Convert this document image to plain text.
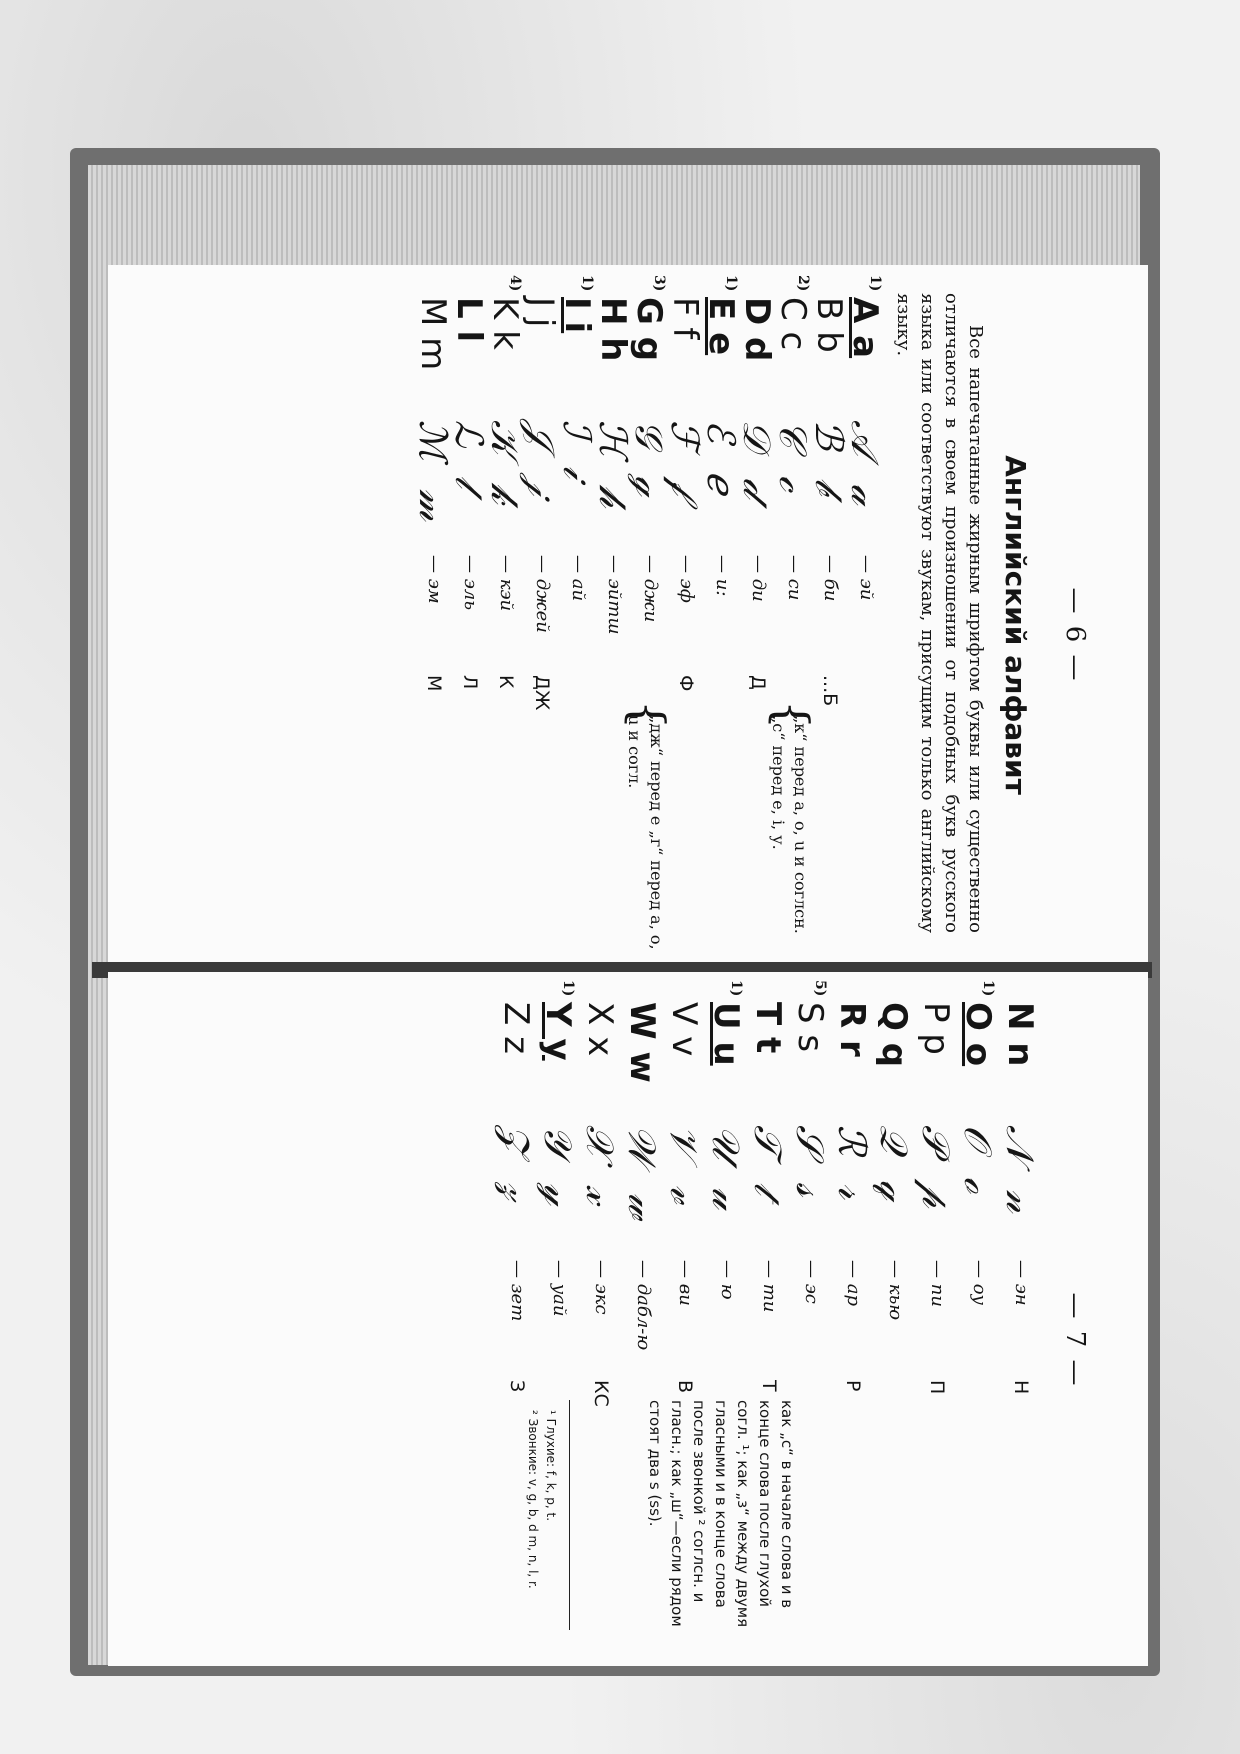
— 6 —
Английский алфавит
Все напечатанные жирным шрифтом буквы или существенно отличаются в своем произношении от подобных букв русского языка или соответствуют звукам, присущим только английскому языку.
1)
A a
𝒜 𝒶
— эй
B b
ℬ 𝒷
— би
...Б
2)
C c
𝒞 𝒸
— си
{
„к“ перед а, о, u и соглсн. „с“ перед е, i, у.
D d
𝒟 𝒹
— ди
Д
1)
E e
ℰ ℯ
— и:
F f
ℱ 𝒻
— эф
Ф
3)
G g
𝒢 ℊ
— джи
{
„дж“ перед е „г“ перед а, о, u и согл.
H h
ℋ 𝒽
— эйтш
1)
I i
ℐ 𝒾
— ай
J j
𝒥 𝒿
— джей
ДЖ
4)
K k
𝒦 𝓀
— кэй
К
L l
ℒ 𝓁
— эль
Л
M m
ℳ 𝓂
— эм
М
— 7 —
N n
𝒩 𝓃
— эн
Н
1)
O o
𝒪 ℴ
— оу
P p
𝒫 𝓅
— пи
П
Q q
𝒬 𝓆
— кью
R r
ℛ 𝓇
— ар
Р
5)
S s
𝒮 𝓈
— эс
T t
𝒯 𝓉
— ти
Т
1)
U u
𝒰 𝓊
— ю
V v
𝒱 𝓋
— ви
В
W w
𝒲 𝓌
— дабл-ю
X x
𝒳 𝓍
— экс
КС
1)
Y y
𝒴 𝓎
— уай
Z z
𝒵 𝓏
— зет
З
как „с“ в начале слова и в конце слова после глухой согл. ¹; как „з“ между двумя гласными и в конце слова после звонкой ² соглсн. и гласн.; как „ш“—если рядом стоят два s (ss).
¹ Глухие: f, k, p, t.
² Звонкие: v, g, b, d m, n, l, r.
